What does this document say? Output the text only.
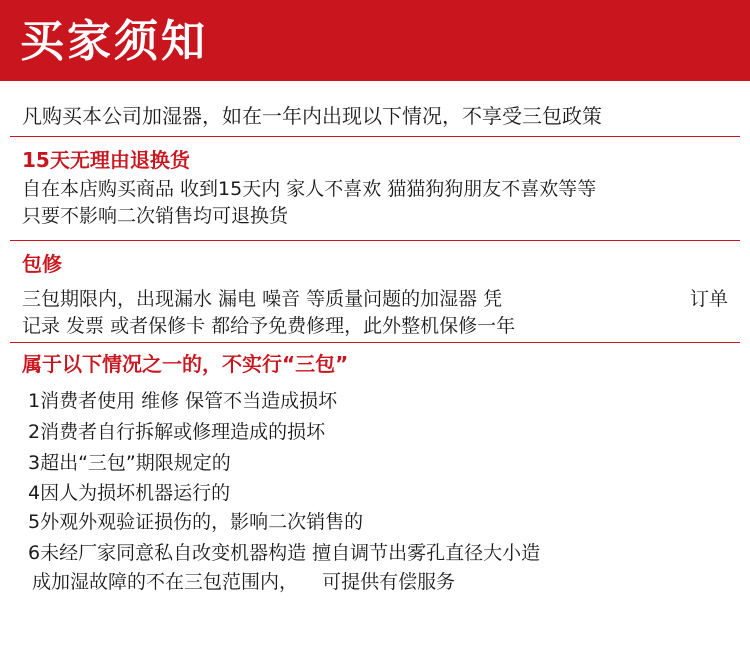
买家须知
凡购买本公司加湿器，如在一年内出现以下情况，不享受三包政策
15天无理由退换货
自在本店购买商品 收到15天内 家人不喜欢 猫猫狗狗朋友不喜欢等等
只要不影响二次销售均可退换货
包修
三包期限内，出现漏水 漏电 噪音 等质量问题的加湿器 凭	订单
记录 发票 或者保修卡 都给予免费修理，此外整机保修一年
属于以下情况之一的，不实行“三包”
1消费者使用 维修 保管不当造成损坏
2消费者自行拆解或修理造成的损坏
3超出“三包”期限规定的
4因人为损坏机器运行的
5外观外观验证损伤的，影响二次销售的
6未经厂家同意私自改变机器构造 擅自调节出雾孔直径大小造
成加湿故障的不在三包范围内，    可提供有偿服务
